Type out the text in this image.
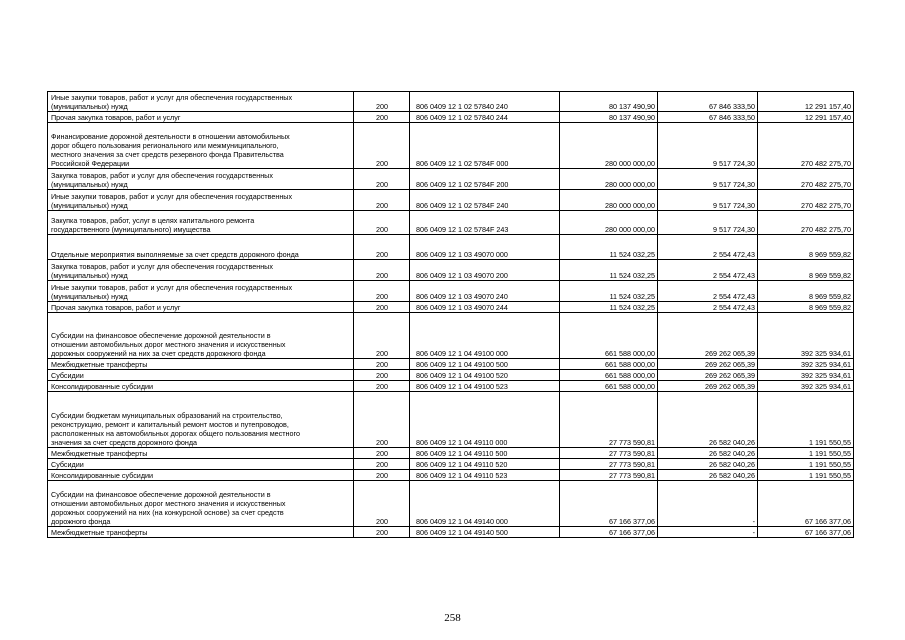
Иные закупки товаров, работ и услуг для обеспечения государственных
(муниципальных) нужд	200	806 0409 12 1 02 57840 240	80 137 490,90	67 846 333,50	12 291 157,40
Прочая закупка товаров, работ и услуг	200	806 0409 12 1 02 57840 244	80 137 490,90	67 846 333,50	12 291 157,40
Финансирование дорожной деятельности в отношении автомобильных
дорог общего пользования регионального или межмуниципального,
местного значения за счет средств резервного фонда Правительства
Российской Федерации	200	806 0409 12 1 02 5784F 000	280 000 000,00	9 517 724,30	270 482 275,70
Закупка товаров, работ и услуг для обеспечения государственных
(муниципальных) нужд	200	806 0409 12 1 02 5784F 200	280 000 000,00	9 517 724,30	270 482 275,70
Иные закупки товаров, работ и услуг для обеспечения государственных
(муниципальных) нужд	200	806 0409 12 1 02 5784F 240	280 000 000,00	9 517 724,30	270 482 275,70
Закупка товаров, работ, услуг в целях капитального ремонта
государственного (муниципального) имущества	200	806 0409 12 1 02 5784F 243	280 000 000,00	9 517 724,30	270 482 275,70
Отдельные мероприятия выполняемые за счет средств дорожного фонда	200	806 0409 12 1 03 49070 000	11 524 032,25	2 554 472,43	8 969 559,82
Закупка товаров, работ и услуг для обеспечения государственных
(муниципальных) нужд	200	806 0409 12 1 03 49070 200	11 524 032,25	2 554 472,43	8 969 559,82
Иные закупки товаров, работ и услуг для обеспечения государственных
(муниципальных) нужд	200	806 0409 12 1 03 49070 240	11 524 032,25	2 554 472,43	8 969 559,82
Прочая закупка товаров, работ и услуг	200	806 0409 12 1 03 49070 244	11 524 032,25	2 554 472,43	8 969 559,82
Субсидии на финансовое обеспечение дорожной деятельности в
отношении автомобильных дорог местного значения и искусственных
дорожных сооружений на них за счет средств дорожного фонда	200	806 0409 12 1 04 49100 000	661 588 000,00	269 262 065,39	392 325 934,61
Межбюджетные трансферты	200	806 0409 12 1 04 49100 500	661 588 000,00	269 262 065,39	392 325 934,61
Субсидии	200	806 0409 12 1 04 49100 520	661 588 000,00	269 262 065,39	392 325 934,61
Консолидированные субсидии	200	806 0409 12 1 04 49100 523	661 588 000,00	269 262 065,39	392 325 934,61
Субсидии бюджетам муниципальных образований на строительство,
реконструкцию, ремонт и капитальный ремонт мостов и путепроводов,
расположенных на автомобильных дорогах общего пользования местного
значения за счет средств дорожного фонда	200	806 0409 12 1 04 49110 000	27 773 590,81	26 582 040,26	1 191 550,55
Межбюджетные трансферты	200	806 0409 12 1 04 49110 500	27 773 590,81	26 582 040,26	1 191 550,55
Субсидии	200	806 0409 12 1 04 49110 520	27 773 590,81	26 582 040,26	1 191 550,55
Консолидированные субсидии	200	806 0409 12 1 04 49110 523	27 773 590,81	26 582 040,26	1 191 550,55
Субсидии на финансовое обеспечение дорожной деятельности в
отношении автомобильных дорог местного значения и искусственных
дорожных сооружений на них (на конкурсной основе) за счет средств
дорожного фонда	200	806 0409 12 1 04 49140 000	67 166 377,06	-	67 166 377,06
Межбюджетные трансферты	200	806 0409 12 1 04 49140 500	67 166 377,06	-	67 166 377,06
258
